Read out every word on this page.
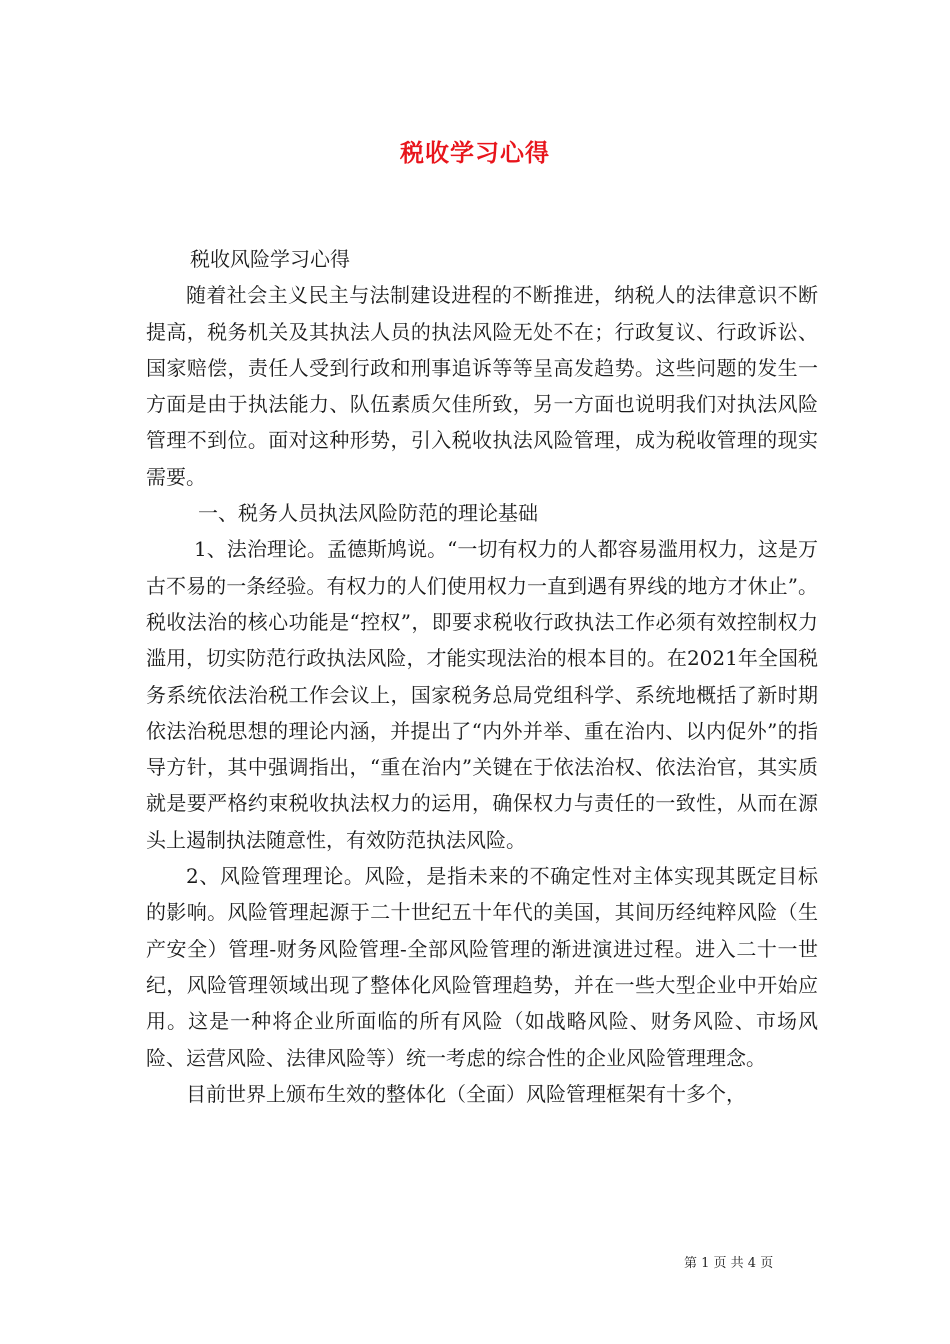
税收学习心得

税收风险学习心得

随着社会主义民主与法制建设进程的不断推进，纳税人的法律意识不断提高，税务机关及其执法人员的执法风险无处不在；行政复议、行政诉讼、国家赔偿，责任人受到行政和刑事追诉等等呈高发趋势。这些问题的发生一方面是由于执法能力、队伍素质欠佳所致，另一方面也说明我们对执法风险管理不到位。面对这种形势，引入税收执法风险管理，成为税收管理的现实需要。

一、税务人员执法风险防范的理论基础

1、法治理论。孟德斯鸠说。“一切有权力的人都容易滥用权力，这是万古不易的一条经验。有权力的人们使用权力一直到遇有界线的地方才休止”。税收法治的核心功能是“控权”，即要求税收行政执法工作必须有效控制权力滥用，切实防范行政执法风险，才能实现法治的根本目的。在2021年全国税务系统依法治税工作会议上，国家税务总局党组科学、系统地概括了新时期依法治税思想的理论内涵，并提出了“内外并举、重在治内、以内促外”的指导方针，其中强调指出，“重在治内”关键在于依法治权、依法治官，其实质就是要严格约束税收执法权力的运用，确保权力与责任的一致性，从而在源头上遏制执法随意性，有效防范执法风险。

2、风险管理理论。风险，是指未来的不确定性对主体实现其既定目标的影响。风险管理起源于二十世纪五十年代的美国，其间历经纯粹风险（生产安全）管理-财务风险管理-全部风险管理的渐进演进过程。进入二十一世纪，风险管理领域出现了整体化风险管理趋势，并在一些大型企业中开始应用。这是一种将企业所面临的所有风险（如战略风险、财务风险、市场风险、运营风险、法律风险等）统一考虑的综合性的企业风险管理理念。

目前世界上颁布生效的整体化（全面）风险管理框架有十多个，

第 1 页 共 4 页
